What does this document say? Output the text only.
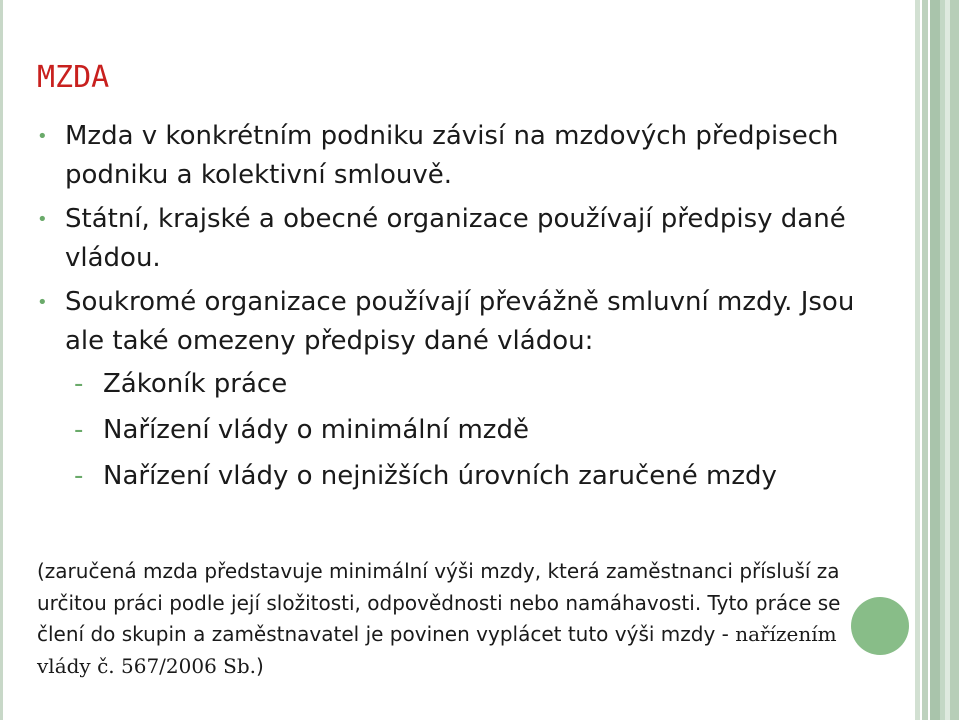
MZDA
• Mzda v konkrétním podniku závisí na mzdových předpisech podniku a kolektivní smlouvě.

• Státní, krajské a obecné organizace používají předpisy dané vládou.

• Soukromé organizace používají převážně smluvní mzdy. Jsou ale také omezeny předpisy dané vládou:

- Zákoník práce
- Nařízení vlády o minimální mzdě
- Nařízení vlády o nejnižších úrovních zaručené mzdy

(zaručená mzda představuje minimální výši mzdy, která zaměstnanci přísluší za určitou práci podle její složitosti, odpovědnosti nebo namáhavosti. Tyto práce se člení do skupin a zaměstnavatel je povinen vyplácet tuto výši mzdy - nařízením vlády č. 567/2006 Sb.)
